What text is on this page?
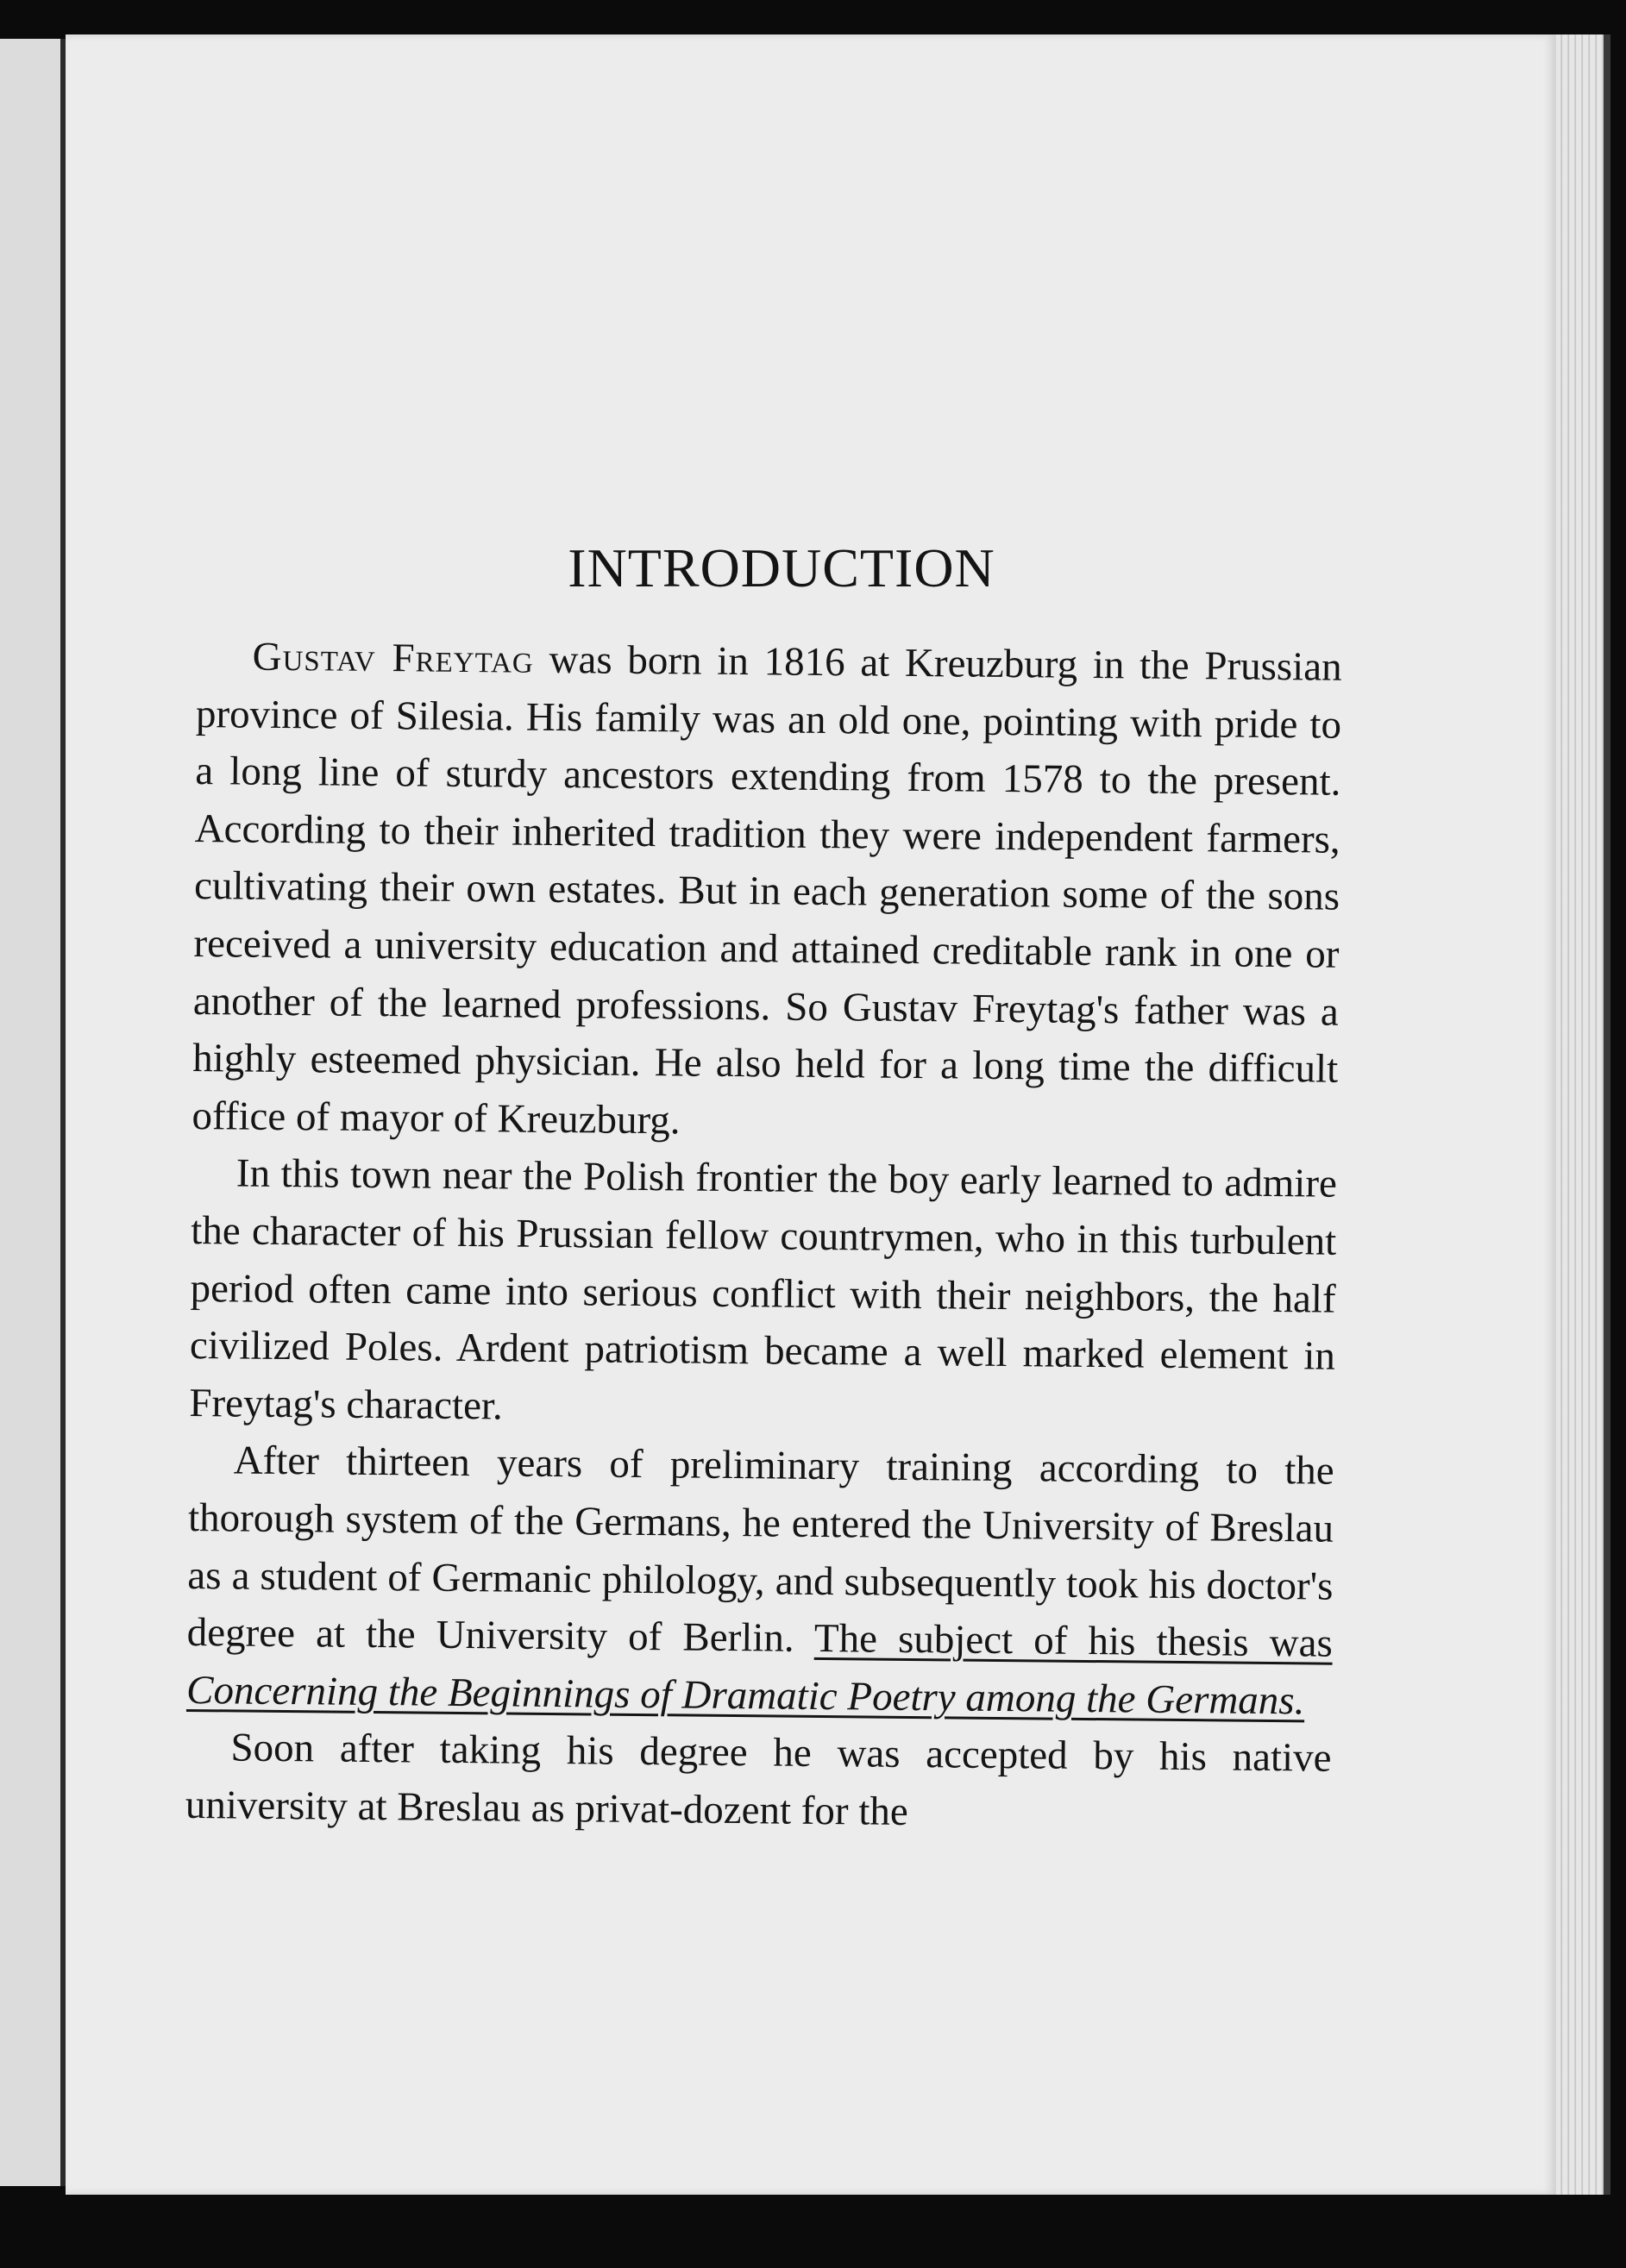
INTRODUCTION

Gustav Freytag was born in 1816 at Kreuzburg in the Prussian province of Silesia. His family was an old one, pointing with pride to a long line of sturdy ancestors extending from 1578 to the present. According to their inherited tradition they were independent farmers, cultivating their own estates. But in each generation some of the sons received a university education and attained creditable rank in one or another of the learned professions. So Gustav Freytag's father was a highly esteemed physician. He also held for a long time the difficult office of mayor of Kreuzburg.

In this town near the Polish frontier the boy early learned to admire the character of his Prussian fellow countrymen, who in this turbulent period often came into serious conflict with their neighbors, the half civilized Poles. Ardent patriotism became a well marked element in Freytag's character.

After thirteen years of preliminary training according to the thorough system of the Germans, he entered the University of Breslau as a student of Germanic philology, and subsequently took his doctor's degree at the University of Berlin. The subject of his thesis was Concerning the Beginnings of Dramatic Poetry among the Germans.

Soon after taking his degree he was accepted by his native university at Breslau as privat-dozent for the
